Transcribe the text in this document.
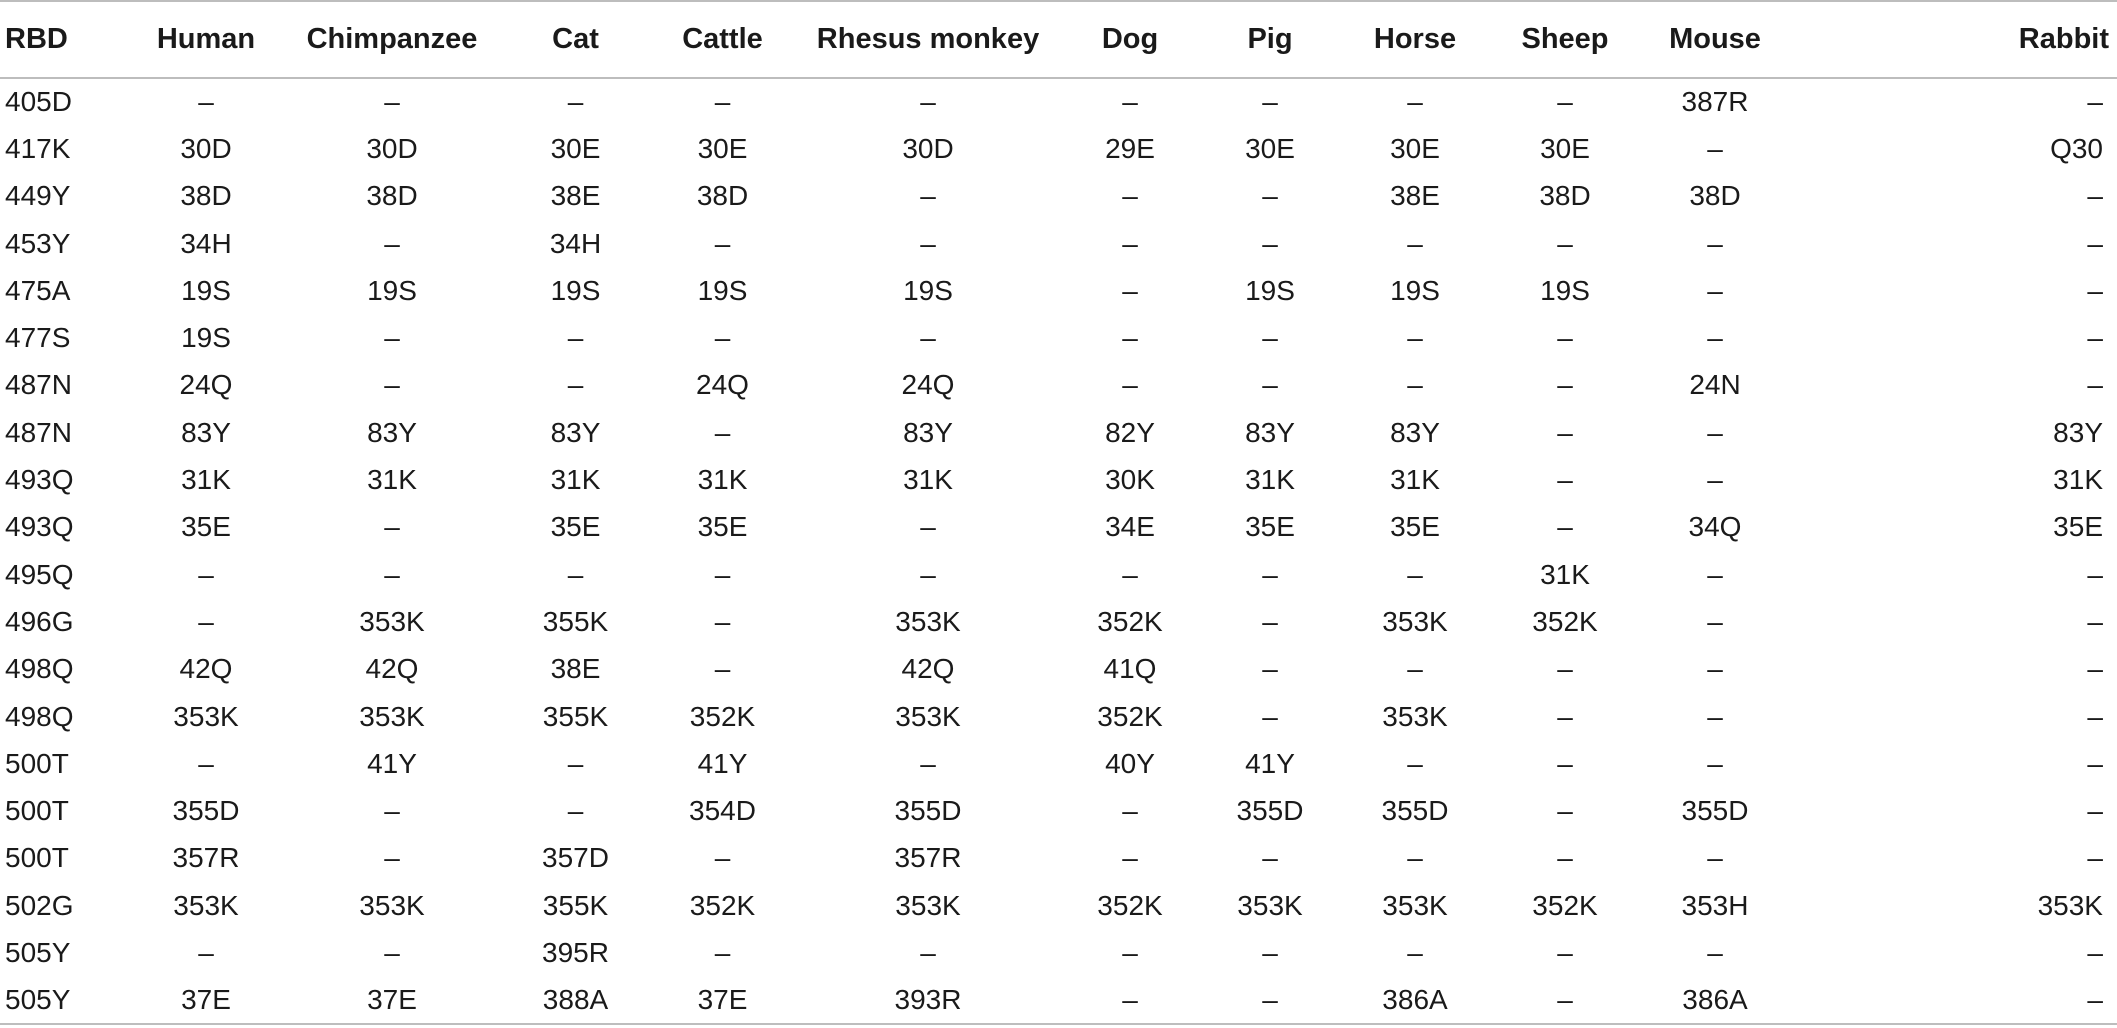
RBD	Human	Chimpanzee	Cat	Cattle	Rhesus monkey	Dog	Pig	Horse	Sheep	Mouse	Rabbit
405D	–	–	–	–	–	–	–	–	–	387R	–
417K	30D	30D	30E	30E	30D	29E	30E	30E	30E	–	Q30
449Y	38D	38D	38E	38D	–	–	–	38E	38D	38D	–
453Y	34H	–	34H	–	–	–	–	–	–	–	–
475A	19S	19S	19S	19S	19S	–	19S	19S	19S	–	–
477S	19S	–	–	–	–	–	–	–	–	–	–
487N	24Q	–	–	24Q	24Q	–	–	–	–	24N	–
487N	83Y	83Y	83Y	–	83Y	82Y	83Y	83Y	–	–	83Y
493Q	31K	31K	31K	31K	31K	30K	31K	31K	–	–	31K
493Q	35E	–	35E	35E	–	34E	35E	35E	–	34Q	35E
495Q	–	–	–	–	–	–	–	–	31K	–	–
496G	–	353K	355K	–	353K	352K	–	353K	352K	–	–
498Q	42Q	42Q	38E	–	42Q	41Q	–	–	–	–	–
498Q	353K	353K	355K	352K	353K	352K	–	353K	–	–	–
500T	–	41Y	–	41Y	–	40Y	41Y	–	–	–	–
500T	355D	–	–	354D	355D	–	355D	355D	–	355D	–
500T	357R	–	357D	–	357R	–	–	–	–	–	–
502G	353K	353K	355K	352K	353K	352K	353K	353K	352K	353H	353K
505Y	–	–	395R	–	–	–	–	–	–	–	–
505Y	37E	37E	388A	37E	393R	–	–	386A	–	386A	–
